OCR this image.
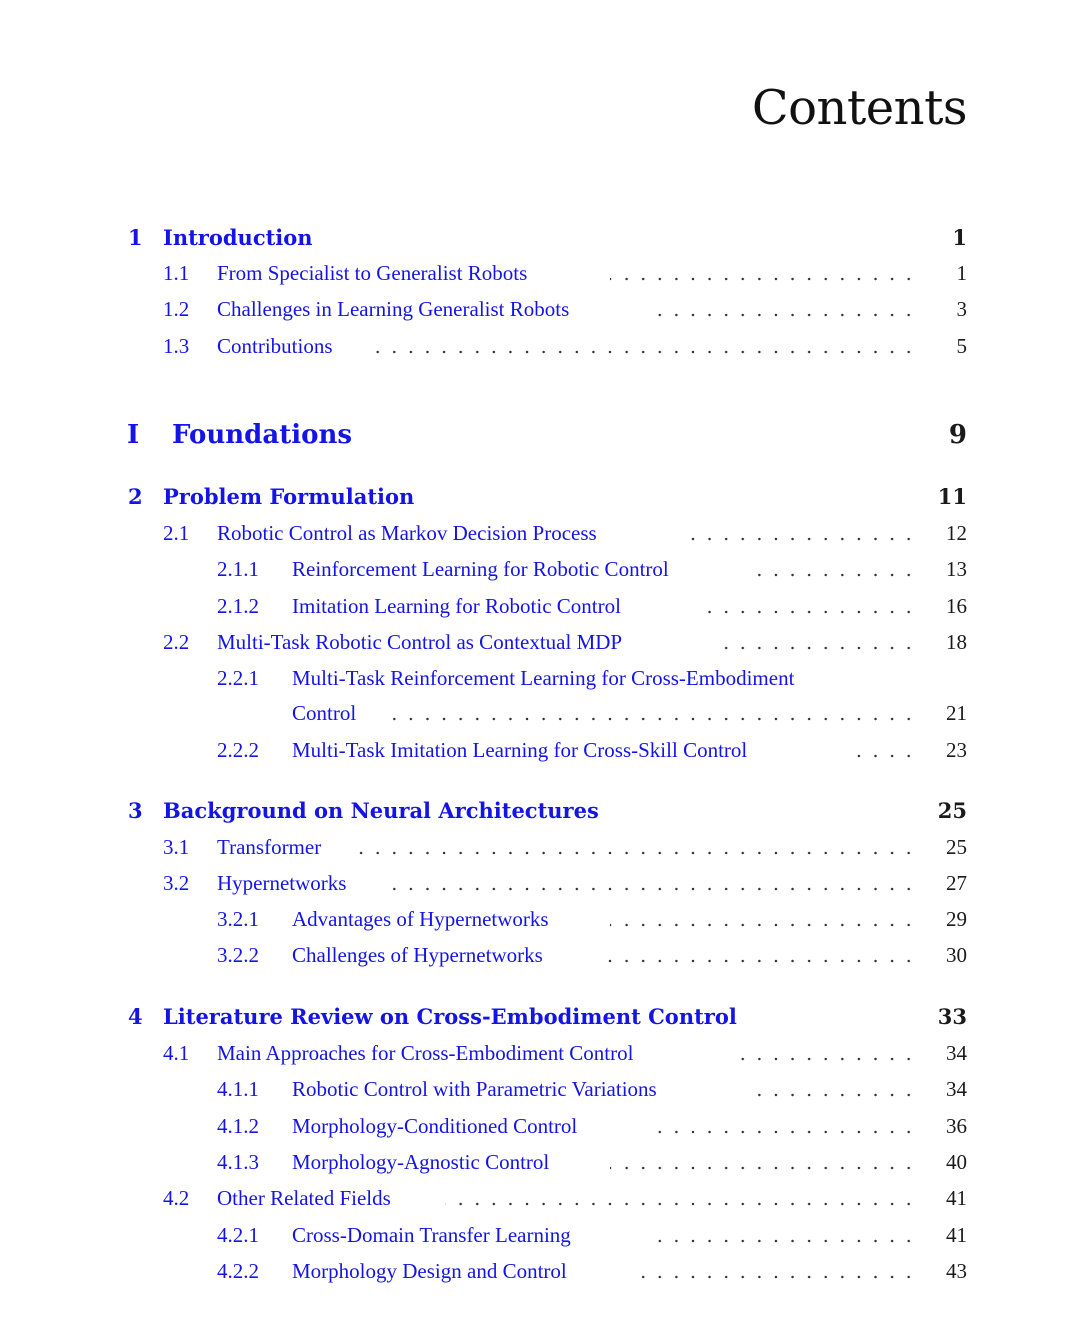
Contents
1 Introduction	1
1.1 From Specialist to Generalist Robots	1
1.2 Challenges in Learning Generalist Robots	3
1.3 Contributions	5
I Foundations	9
2 Problem Formulation	11
2.1 Robotic Control as Markov Decision Process	12
2.1.1 Reinforcement Learning for Robotic Control	13
2.1.2 Imitation Learning for Robotic Control	16
2.2 Multi-Task Robotic Control as Contextual MDP	18
2.2.1 Multi-Task Reinforcement Learning for Cross-Embodiment
Control	21
2.2.2 Multi-Task Imitation Learning for Cross-Skill Control	23
3 Background on Neural Architectures	25
3.1 Transformer	25
3.2 Hypernetworks	27
3.2.1 Advantages of Hypernetworks	29
3.2.2 Challenges of Hypernetworks	30
4 Literature Review on Cross-Embodiment Control	33
4.1 Main Approaches for Cross-Embodiment Control	34
4.1.1 Robotic Control with Parametric Variations	34
4.1.2 Morphology-Conditioned Control	36
4.1.3 Morphology-Agnostic Control	40
4.2 Other Related Fields	41
4.2.1 Cross-Domain Transfer Learning	41
4.2.2 Morphology Design and Control	43
